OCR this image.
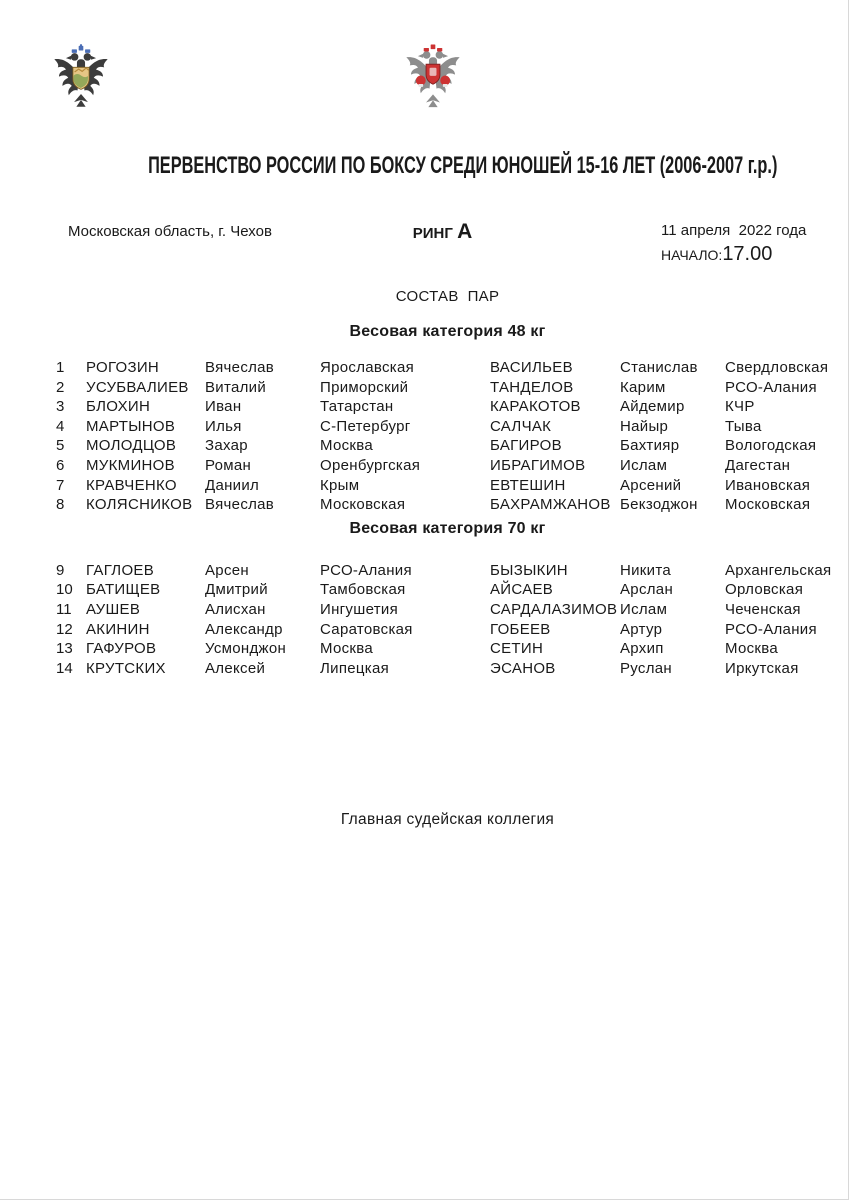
ПЕРВЕНСТВО РОССИИ ПО БОКСУ СРЕДИ ЮНОШЕЙ 15-16 ЛЕТ (2006-2007 г.р.)
Московская область, г. Чехов	РИНГ А	11 апреля  2022 года
НАЧАЛО:17.00
СОСТАВ  ПАР
Весовая категория 48 кг
1	РОГОЗИН	Вячеслав	Ярославская	ВАСИЛЬЕВ	Станислав	Свердловская
2	УСУБВАЛИЕВ	Виталий	Приморский	ТАНДЕЛОВ	Карим	РСО-Алания
3	БЛОХИН	Иван	Татарстан	КАРАКОТОВ	Айдемир	КЧР
4	МАРТЫНОВ	Илья	С-Петербург	САЛЧАК	Найыр	Тыва
5	МОЛОДЦОВ	Захар	Москва	БАГИРОВ	Бахтияр	Вологодская
6	МУКМИНОВ	Роман	Оренбургская	ИБРАГИМОВ	Ислам	Дагестан
7	КРАВЧЕНКО	Даниил	Крым	ЕВТЕШИН	Арсений	Ивановская
8	КОЛЯСНИКОВ Вячеслав	Московская	БАХРАМЖАНОВ Бекзоджон	Московская
Весовая категория 70 кг
9	ГАГЛОЕВ	Арсен	РСО-Алания	БЫЗЫКИН	Никита	Архангельская
10 БАТИЩЕВ	Дмитрий	Тамбовская	АЙСАЕВ	Арслан	Орловская
11 АУШЕВ	Алисхан	Ингушетия	САРДАЛАЗИМОВ Ислам	Чеченская
12 АКИНИН	Александр	Саратовская	ГОБЕЕВ	Артур	РСО-Алания
13 ГАФУРОВ	Усмонджон	Москва	СЕТИН	Архип	Москва
14 КРУТСКИХ	Алексей	Липецкая	ЭСАНОВ	Руслан	Иркутская
Главная судейская коллегия
